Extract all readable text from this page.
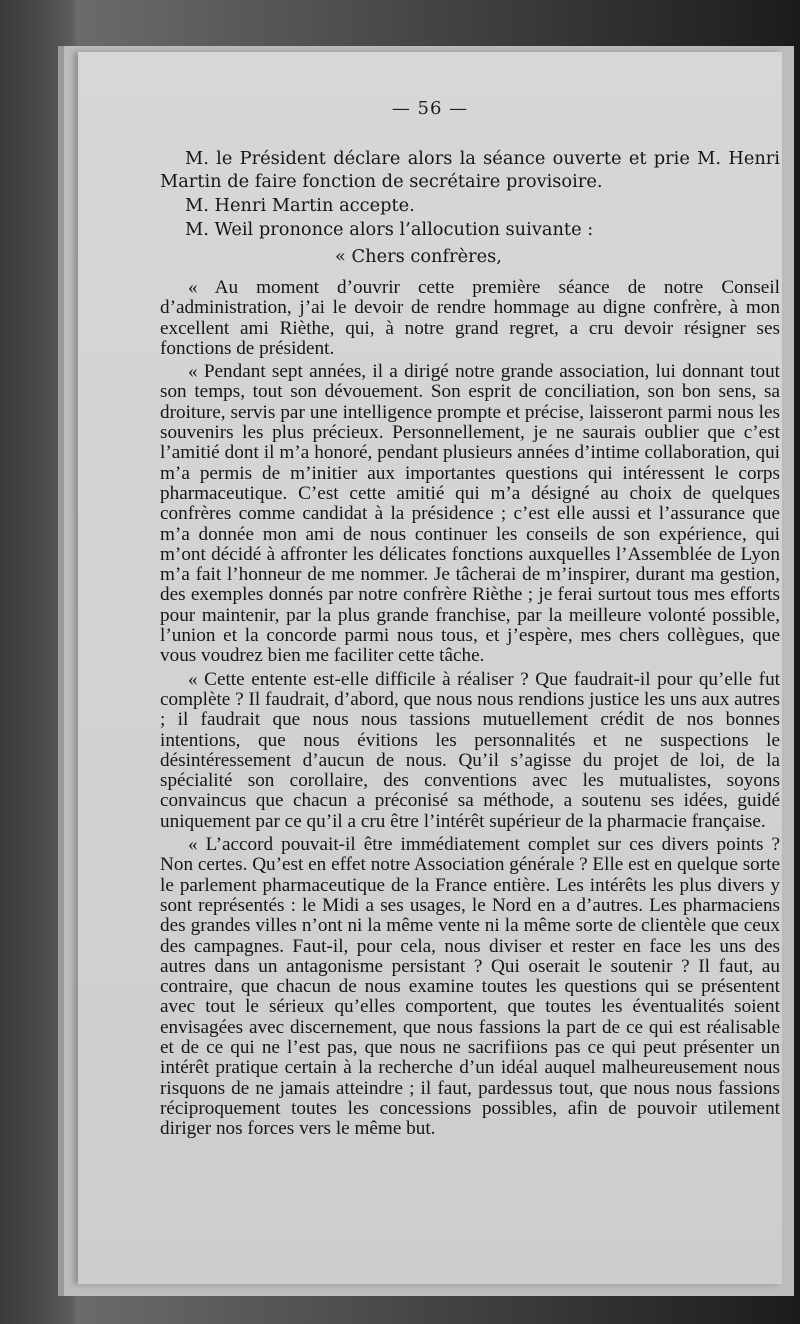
— 56 —

M. le Président déclare alors la séance ouverte et prie M. Henri Martin de faire fonction de secrétaire provisoire.

M. Henri Martin accepte.

M. Weil prononce alors l’allocution suivante :

« Chers confrères,

« Au moment d’ouvrir cette première séance de notre Conseil d’administration, j’ai le devoir de rendre hommage au digne confrère, à mon excellent ami Rièthe, qui, à notre grand regret, a cru devoir résigner ses fonctions de président.

« Pendant sept années, il a dirigé notre grande association, lui donnant tout son temps, tout son dévouement. Son esprit de conciliation, son bon sens, sa droiture, servis par une intelligence prompte et précise, laisseront parmi nous les souvenirs les plus précieux. Personnellement, je ne saurais oublier que c’est l’amitié dont il m’a honoré, pendant plusieurs années d’intime collaboration, qui m’a permis de m’initier aux importantes questions qui intéressent le corps pharmaceutique. C’est cette amitié qui m’a désigné au choix de quelques confrères comme candidat à la présidence ; c’est elle aussi et l’assurance que m’a donnée mon ami de nous continuer les conseils de son expérience, qui m’ont décidé à affronter les délicates fonctions auxquelles l’Assemblée de Lyon m’a fait l’honneur de me nommer. Je tâcherai de m’inspirer, durant ma gestion, des exemples donnés par notre confrère Rièthe ; je ferai surtout tous mes efforts pour maintenir, par la plus grande franchise, par la meilleure volonté possible, l’union et la concorde parmi nous tous, et j’espère, mes chers collègues, que vous voudrez bien me faciliter cette tâche.

« Cette entente est-elle difficile à réaliser ? Que faudrait-il pour qu’elle fut complète ? Il faudrait, d’abord, que nous nous rendions justice les uns aux autres ; il faudrait que nous nous tassions mutuellement crédit de nos bonnes intentions, que nous évitions les personnalités et ne suspections le désintéressement d’aucun de nous. Qu’il s’agisse du projet de loi, de la spécialité son corollaire, des conventions avec les mutualistes, soyons convaincus que chacun a préconisé sa méthode, a soutenu ses idées, guidé uniquement par ce qu’il a cru être l’intérêt supérieur de la pharmacie française.

« L’accord pouvait-il être immédiatement complet sur ces divers points ? Non certes. Qu’est en effet notre Association générale ? Elle est en quelque sorte le parlement pharmaceutique de la France entière. Les intérêts les plus divers y sont représentés : le Midi a ses usages, le Nord en a d’autres. Les pharmaciens des grandes villes n’ont ni la même vente ni la même sorte de clientèle que ceux des campagnes. Faut-il, pour cela, nous diviser et rester en face les uns des autres dans un antagonisme persistant ? Qui oserait le soutenir ? Il faut, au contraire, que chacun de nous examine toutes les questions qui se présentent avec tout le sérieux qu’elles comportent, que toutes les éventualités soient envisagées avec discernement, que nous fassions la part de ce qui est réalisable et de ce qui ne l’est pas, que nous ne sacrifiions pas ce qui peut présenter un intérêt pratique certain à la recherche d’un idéal auquel malheureusement nous risquons de ne jamais atteindre ; il faut, pardessus tout, que nous nous fassions réciproquement toutes les concessions possibles, afin de pouvoir utilement diriger nos forces vers le même but.
